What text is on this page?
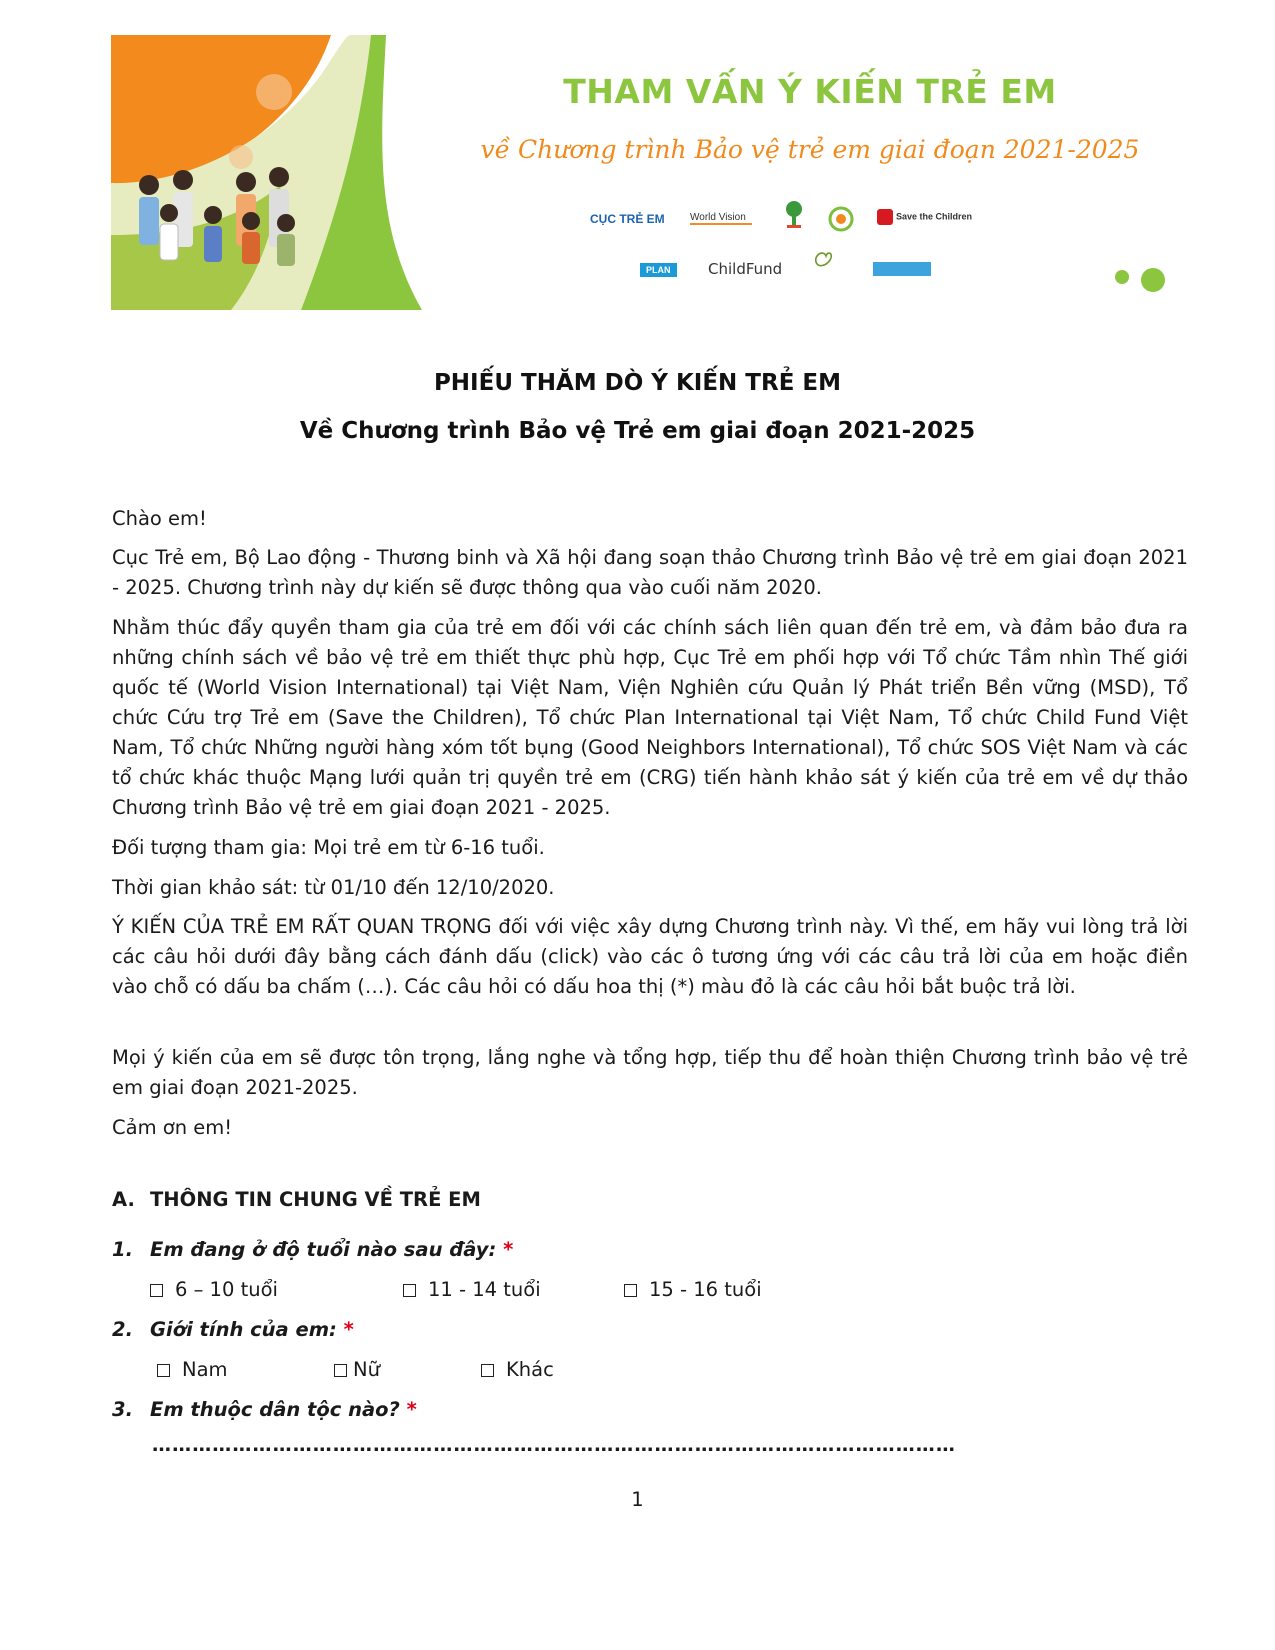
THAM VẤN Ý KIẾN TRẺ EM
về Chương trình Bảo vệ trẻ em giai đoạn 2021-2025
CỤC TRẺ EM	World Vision	Save the Children
PLAN	ChildFund
PHIẾU THĂM DÒ Ý KIẾN TRẺ EM
Về Chương trình Bảo vệ Trẻ em giai đoạn 2021-2025

Chào em!

Cục Trẻ em, Bộ Lao động - Thương binh và Xã hội đang soạn thảo Chương trình Bảo vệ trẻ em giai đoạn 2021 - 2025. Chương trình này dự kiến sẽ được thông qua vào cuối năm 2020.

Nhằm thúc đẩy quyền tham gia của trẻ em đối với các chính sách liên quan đến trẻ em, và đảm bảo đưa ra những chính sách về bảo vệ trẻ em thiết thực phù hợp, Cục Trẻ em phối hợp với Tổ chức Tầm nhìn Thế giới quốc tế (World Vision International) tại Việt Nam, Viện Nghiên cứu Quản lý Phát triển Bền vững (MSD), Tổ chức Cứu trợ Trẻ em (Save the Children), Tổ chức Plan International tại Việt Nam, Tổ chức Child Fund Việt Nam, Tổ chức Những người hàng xóm tốt bụng (Good Neighbors International), Tổ chức SOS Việt Nam và các tổ chức khác thuộc Mạng lưới quản trị quyền trẻ em (CRG) tiến hành khảo sát ý kiến của trẻ em về dự thảo Chương trình Bảo vệ trẻ em giai đoạn 2021 - 2025.

Đối tượng tham gia: Mọi trẻ em từ 6-16 tuổi.

Thời gian khảo sát: từ 01/10 đến 12/10/2020.

Ý KIẾN CỦA TRẺ EM RẤT QUAN TRỌNG đối với việc xây dựng Chương trình này. Vì thế, em hãy vui lòng trả lời các câu hỏi dưới đây bằng cách đánh dấu (click) vào các ô tương ứng với các câu trả lời của em hoặc điền vào chỗ có dấu ba chấm (…). Các câu hỏi có dấu hoa thị (*) màu đỏ là các câu hỏi bắt buộc trả lời.

Mọi ý kiến của em sẽ được tôn trọng, lắng nghe và tổng hợp, tiếp thu để hoàn thiện Chương trình bảo vệ trẻ em giai đoạn 2021-2025.

Cảm ơn em!

A. THÔNG TIN CHUNG VỀ TRẺ EM
1. Em đang ở độ tuổi nào sau đây: *
6 – 10 tuổi	11 - 14 tuổi	15 - 16 tuổi
2. Giới tính của em: *
Nam	Nữ	Khác
3. Em thuộc dân tộc nào? *
…………………………………………………………………………………………………………
1
